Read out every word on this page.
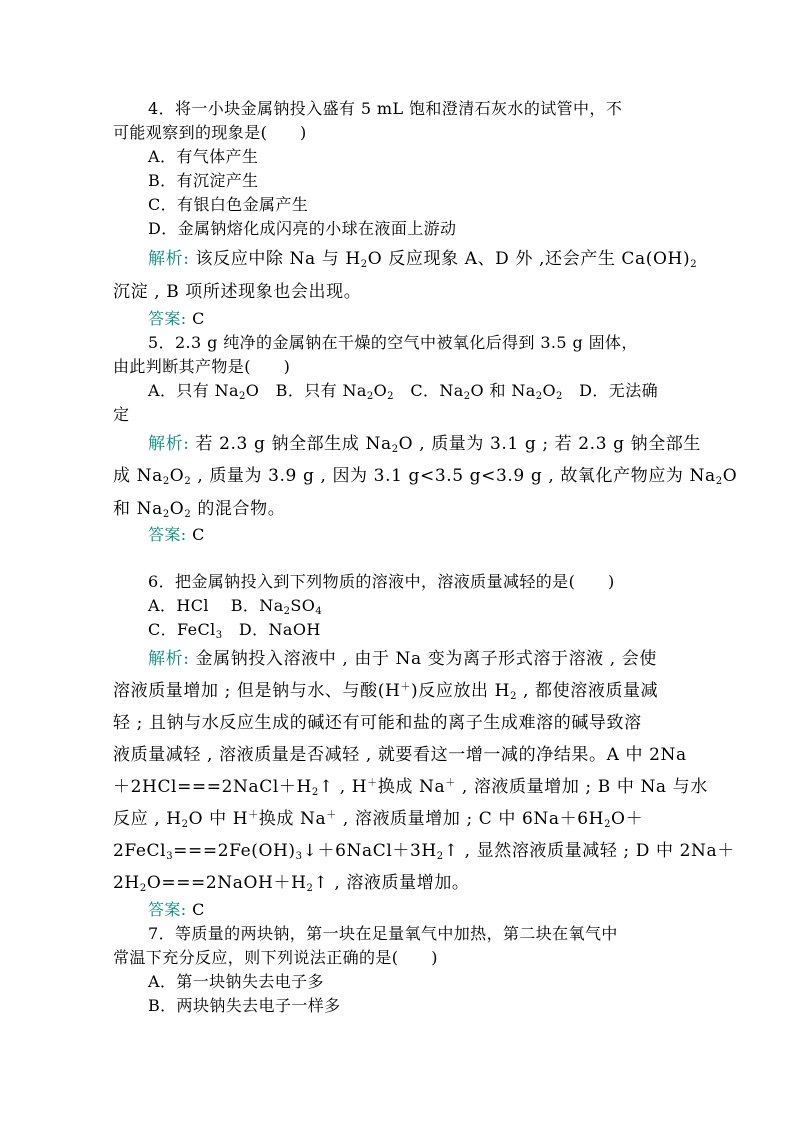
4．将一小块金属钠投入盛有 5 mL 饱和澄清石灰水的试管中，不
可能观察到的现象是(　　)
A．有气体产生
B．有沉淀产生
C．有银白色金属产生
D．金属钠熔化成闪亮的小球在液面上游动
解析: 该反应中除 Na 与 $H_2O$ 反应现象 A、D 外 ,还会产生 $Ca(OH)_2$
沉淀 , B 项所述现象也会出现。
答案: C
5．2.3 g 纯净的金属钠在干燥的空气中被氧化后得到 3.5 g 固体，
由此判断其产物是(　　)
A．只有 $Na_2O$　B．只有 $Na_2O_2$　C．$Na_2O$ 和 $Na_2O_2$　D．无法确
定
解析: 若 2.3 g 钠全部生成 $Na_2O$ , 质量为 3.1 g ; 若 2.3 g 钠全部生
成 $Na_2O_2$ , 质量为 3.9 g , 因为 3.1 g<3.5 g<3.9 g , 故氧化产物应为 $Na_2O$
和 $Na_2O_2$ 的混合物。
答案: C
6．把金属钠投入到下列物质的溶液中，溶液质量减轻的是(　　)
A．HCl　 B．$Na_2SO_4$
C．FeCl$_3$　D．NaOH
解析: 金属钠投入溶液中 , 由于 Na 变为离子形式溶于溶液 , 会使
溶液质量增加 ; 但是钠与水、与酸(H＋)反应放出 $H_2$ , 都使溶液质量减
轻 ; 且钠与水反应生成的碱还有可能和盐的离子生成难溶的碱导致溶
液质量减轻 , 溶液质量是否减轻 , 就要看这一增一减的净结果。A 中 2Na
$+2HCl===2NaCl+H_2↑$ , H＋换成 Na＋ , 溶液质量增加 ; B 中 Na 与水
反应 , $H_2O$ 中 H＋换成 Na＋ , 溶液质量增加 ; C 中 $6Na+6H_2O+$
$2FeCl_3===2Fe(OH)_3↓+6NaCl+3H_2↑$ , 显然溶液质量减轻 ; D 中 2Na＋
$2H_2O===2NaOH+H_2↑$ , 溶液质量增加。
答案: C
7．等质量的两块钠，第一块在足量氧气中加热，第二块在氧气中
常温下充分反应，则下列说法正确的是(　　)
A．第一块钠失去电子多
B．两块钠失去电子一样多
